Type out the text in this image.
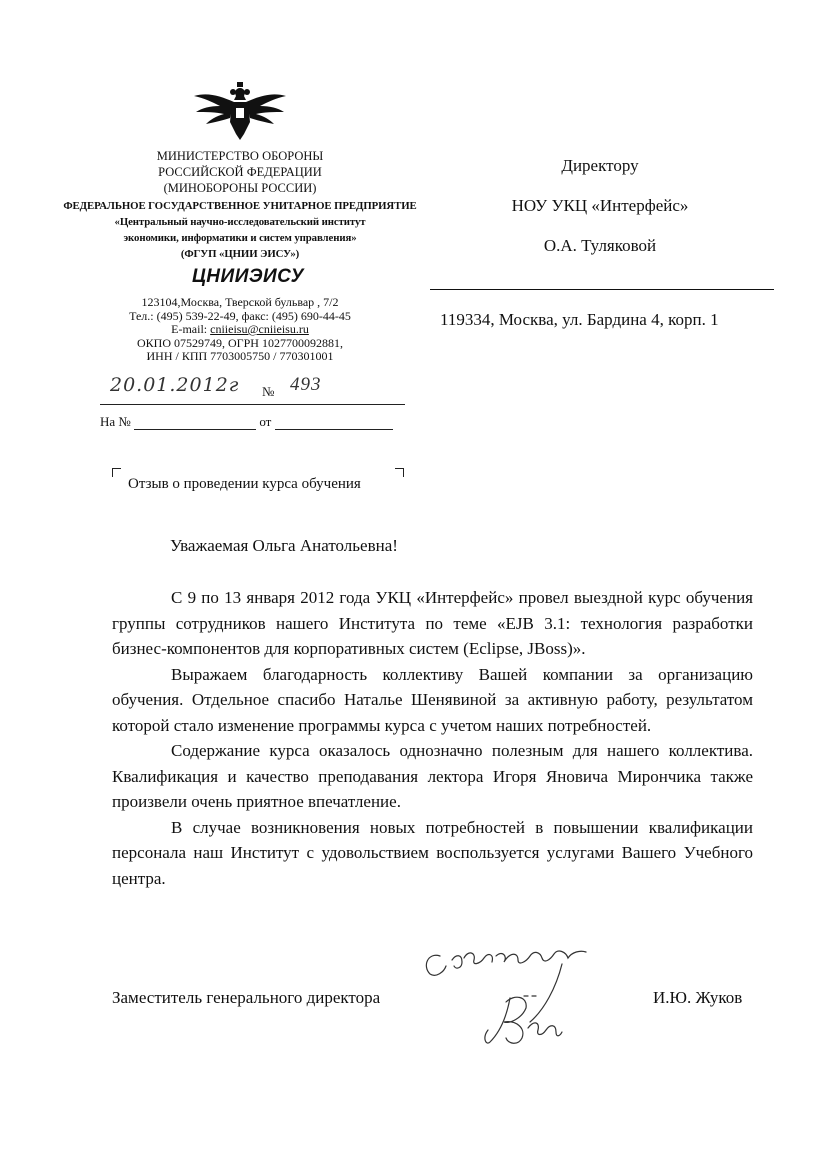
МИНИСТЕРСТВО ОБОРОНЫ
РОССИЙСКОЙ ФЕДЕРАЦИИ
(МИНОБОРОНЫ РОССИИ)
ФЕДЕРАЛЬНОЕ ГОСУДАРСТВЕННОЕ УНИТАРНОЕ ПРЕДПРИЯТИЕ
«Центральный научно-исследовательский институт
экономики, информатики и систем управления»
(ФГУП «ЦНИИ ЭИСУ»)
ЦНИИЭИСУ
123104,Москва, Тверской бульвар , 7/2
Тел.: (495) 539-22-49, факс: (495) 690-44-45
E-mail: cniieisu@cniieisu.ru
ОКПО 07529749, ОГРН 1027700092881,
ИНН / КПП 7703005750 / 770301001
20.01.2012г № 493
На №	от
Директору
НОУ УКЦ «Интерфейс»
О.А. Туляковой
119334, Москва, ул. Бардина 4, корп. 1
Отзыв о проведении курса обучения
Уважаемая Ольга Анатольевна!

С 9 по 13 января 2012 года УКЦ «Интерфейс» провел выездной курс обучения группы сотрудников нашего Института по теме «EJB 3.1: технология разработки бизнес-компонентов для корпоративных систем (Eclipse, JBoss)».

Выражаем благодарность коллективу Вашей компании за организацию обучения. Отдельное спасибо Наталье Шенявиной за активную работу, результатом которой стало изменение программы курса с учетом наших потребностей.

Содержание курса оказалось однозначно полезным для нашего коллектива. Квалификация и качество преподавания лектора Игоря Яновича Мирончика также произвели очень приятное впечатление.

В случае возникновения новых потребностей в повышении квалификации персонала наш Институт с удовольствием воспользуется услугами Вашего Учебного центра.

Заместитель генерального директора	И.Ю. Жуков
